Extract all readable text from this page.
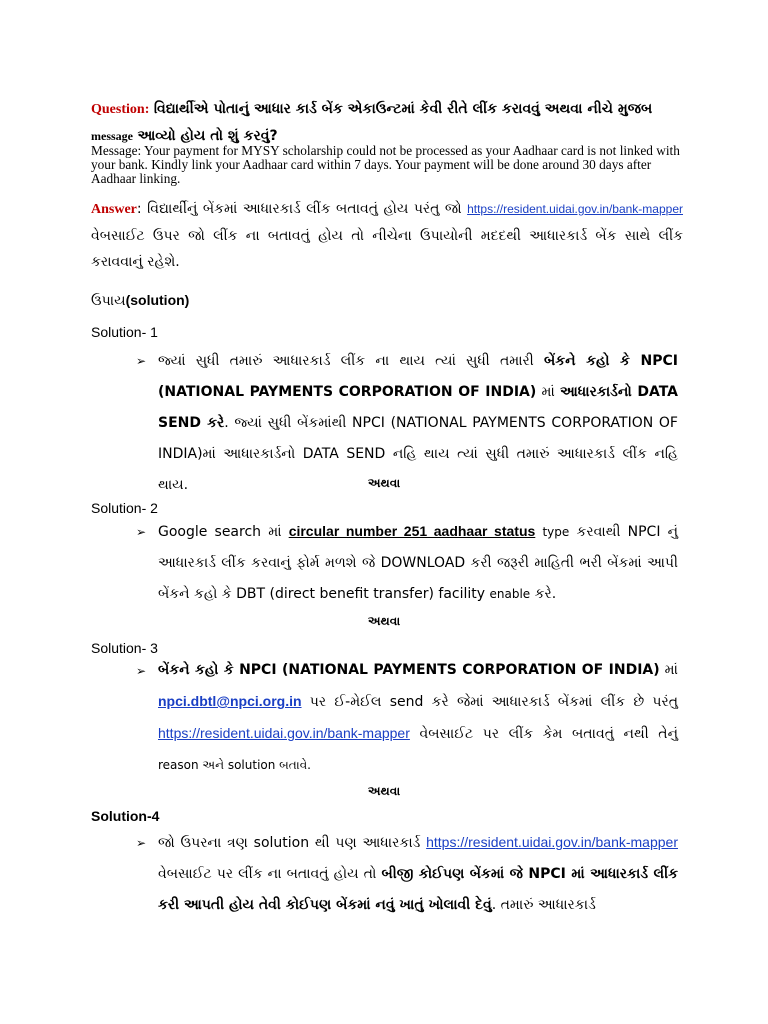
Question: વિદ્યાર્થીએ પોતાનું આધાર કાર્ડ બેંક એકાઉન્ટમાં કેવી રીતે લીંક કરાવવું અથવા નીચે મુજબ
message આવ્યો હોય તો શું કરવું?
Message: Your payment for MYSY scholarship could not be processed as your Aadhaar card is not linked with your bank. Kindly link your Aadhaar card within 7 days. Your payment will be done around 30 days after Aadhaar linking.
Answer: વિદ્યાર્થીનું બેંકમાં આધારકાર્ડ લીંક બતાવતું હોય પરંતુ જો https://resident.uidai.gov.in/bank-mapper વેબસાઈટ ઉપર જો લીંક ના બતાવતું હોય તો નીચેના ઉપાયોની મદદથી આધારકાર્ડ બેંક સાથે લીંક કરાવવાનું રહેશે.
ઉપાય(solution)
Solution- 1
➢ જ્યાં સુધી તમારું આધારકાર્ડ લીંક ના થાય ત્યાં સુધી તમારી બેંકને કહો કે NPCI (NATIONAL PAYMENTS CORPORATION OF INDIA) માં આધારકાર્ડનો DATA SEND કરે. જ્યાં સુધી બેંકમાંથી NPCI (NATIONAL PAYMENTS CORPORATION OF INDIA)માં આધારકાર્ડનો DATA SEND નહિ થાય ત્યાં સુધી તમારું આધારકાર્ડ લીંક નહિ થાય.	અથવા
Solution- 2
➢ Google search માં circular number 251 aadhaar status type કરવાથી NPCI નું આધારકાર્ડ લીંક કરવાનું ફોર્મ મળશે જે DOWNLOAD કરી જરૂરી માહિતી ભરી બેંકમાં આપી બેંકને કહો કે DBT (direct benefit transfer) facility enable કરે.
અથવા
Solution- 3
➢ બેંકને કહો કે NPCI (NATIONAL PAYMENTS CORPORATION OF INDIA) માં npci.dbtl@npci.org.in પર ઈ-મેઈલ send કરે જેમાં આધારકાર્ડ બેંકમાં લીંક છે પરંતુ https://resident.uidai.gov.in/bank-mapper વેબસાઈટ પર લીંક કેમ બતાવતું નથી તેનું reason અને solution બતાવે.
અથવા
Solution-4
➢ જો ઉપરના ત્રણ solution થી પણ આધારકાર્ડ https://resident.uidai.gov.in/bank-mapper વેબસાઈટ પર લીંક ના બતાવતું હોય તો બીજી કોઈપણ બેંકમાં જે NPCI માં આધારકાર્ડ લીંક કરી આપતી હોય તેવી કોઈપણ બેંકમાં નવું ખાતું ખોલાવી દેવું. તમારું આધારકાર્ડ
